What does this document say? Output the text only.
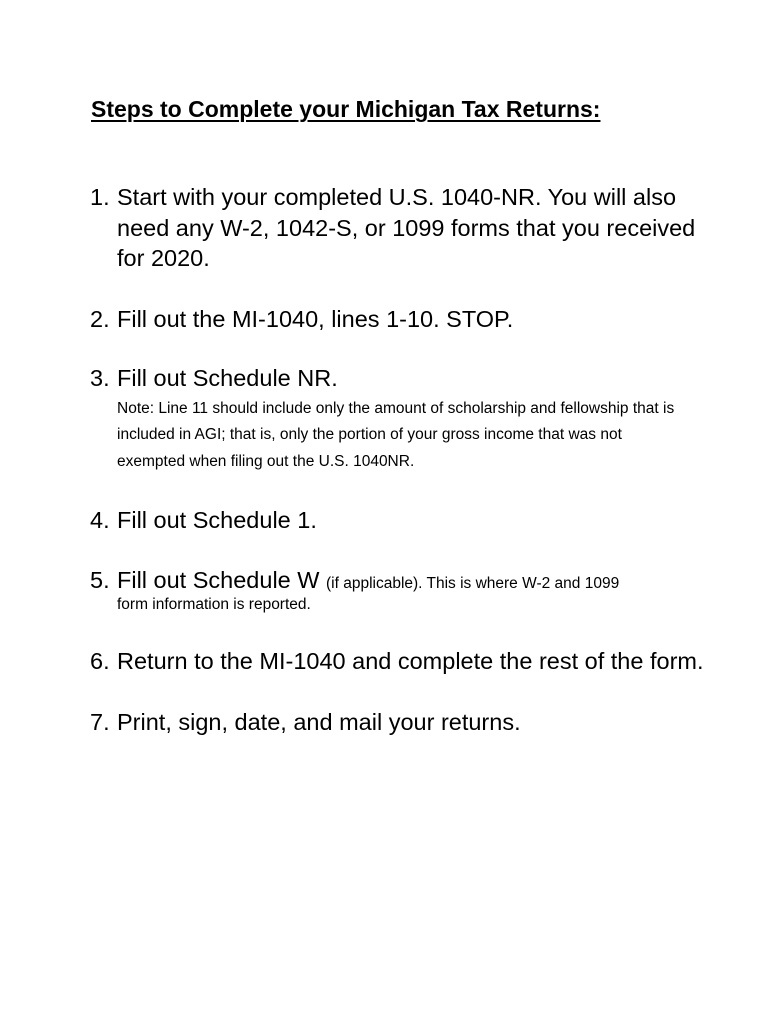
Steps to Complete your Michigan Tax Returns:
1. Start with your completed U.S. 1040-NR. You will also need any W-2, 1042-S, or 1099 forms that you received for 2020.
2. Fill out the MI-1040, lines 1-10. STOP.
3. Fill out Schedule NR.
Note: Line 11 should include only the amount of scholarship and fellowship that is included in AGI; that is, only the portion of your gross income that was not exempted when filing out the U.S. 1040NR.
4. Fill out Schedule 1.
5. Fill out Schedule W (if applicable). This is where W-2 and 1099
form information is reported.
6. Return to the MI-1040 and complete the rest of the form.
7. Print, sign, date, and mail your returns.
